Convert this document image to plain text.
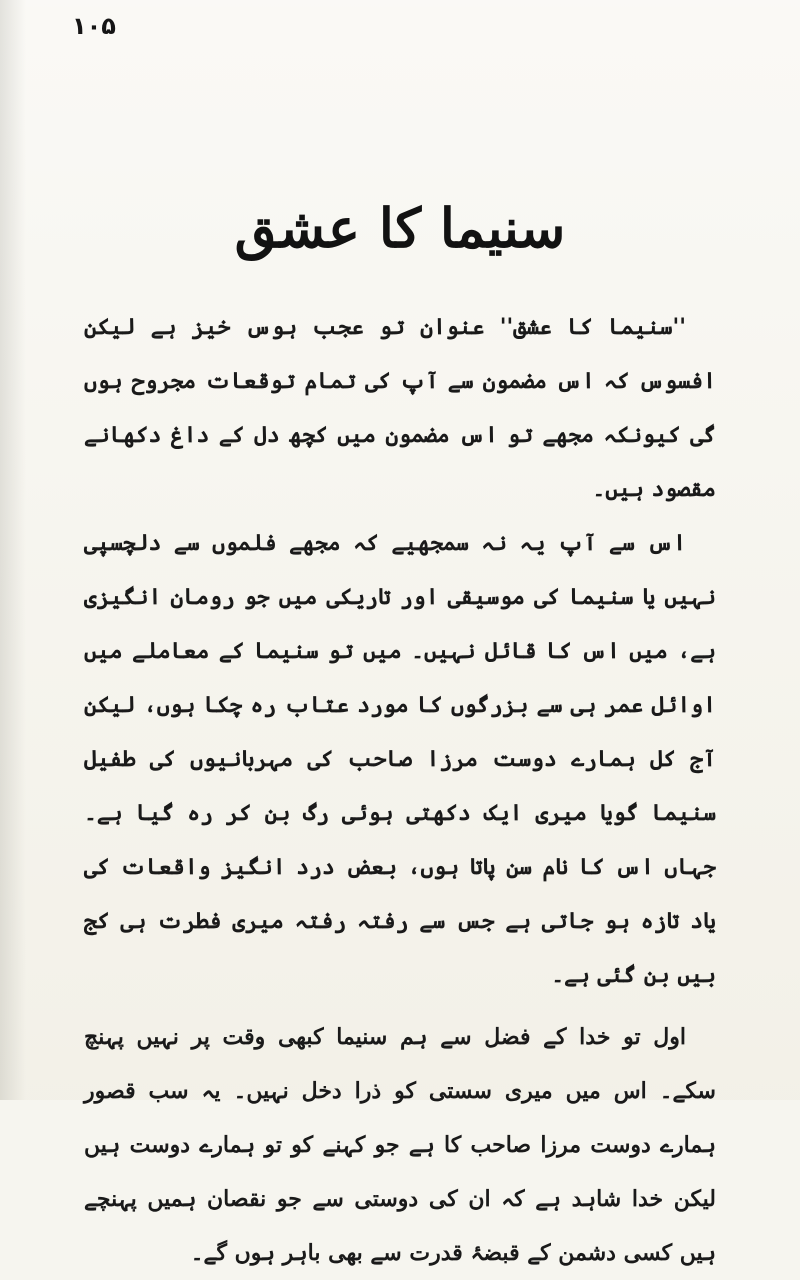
۱۰۵
سنیما کا عشق

''سنیما کا عشق'' عنوان تو عجب ہوس خیز ہے لیکن افسوس کہ اس مضمون سے آپ کی تمام توقعات مجروح ہوں گی کیونکہ مجھے تو اس مضمون میں کچھ دل کے داغ دکھانے مقصود ہیں۔

اس سے آپ یہ نہ سمجھیے کہ مجھے فلموں سے دلچسپی نہیں یا سنیما کی موسیقی اور تاریکی میں جو رومان انگیزی ہے، میں اس کا قائل نہیں۔ میں تو سنیما کے معاملے میں اوائل عمر ہی سے بزرگوں کا مورد عتاب رہ چکا ہوں، لیکن آج کل ہمارے دوست مرزا صاحب کی مہربانیوں کی طفیل سنیما گویا میری ایک دکھتی ہوئی رگ بن کر رہ گیا ہے۔ جہاں اس کا نام سن پاتا ہوں، بعض درد انگیز واقعات کی یاد تازہ ہو جاتی ہے جس سے رفتہ رفتہ میری فطرت ہی کج بیں بن گئی ہے۔

اول تو خدا کے فضل سے ہم سنیما کبھی وقت پر نہیں پہنچ سکے۔ اس میں میری سستی کو ذرا دخل نہیں۔ یہ سب قصور ہمارے دوست مرزا صاحب کا ہے جو کہنے کو تو ہمارے دوست ہیں لیکن خدا شاہد ہے کہ ان کی دوستی سے جو نقصان ہمیں پہنچے ہیں کسی دشمن کے قبضۂ قدرت سے بھی باہر ہوں گے۔
